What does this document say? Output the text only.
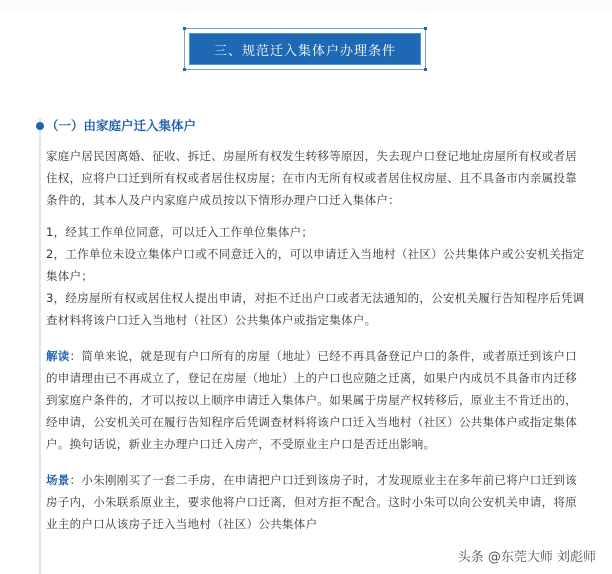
三、规范迁入集体户办理条件
（一）由家庭户迁入集体户

家庭户居民因离婚、征收、拆迁、房屋所有权发生转移等原因，失去现户口登记地址房屋所有权或者居住权，应将户口迁到所有权或者居住权房屋；在市内无所有权或者居住权房屋、且不具备市内亲属投靠条件的，其本人及户内家庭户成员按以下情形办理户口迁入集体户：

1，经其工作单位同意，可以迁入工作单位集体户；

2，工作单位未设立集体户口或不同意迁入的，可以申请迁入当地村（社区）公共集体户或公安机关指定集体户；

3，经房屋所有权或居住权人提出申请，对拒不迁出户口或者无法通知的，公安机关履行告知程序后凭调查材料将该户口迁入当地村（社区）公共集体户或指定集体户。

解读：简单来说，就是现有户口所有的房屋（地址）已经不再具备登记户口的条件，或者原迁到该户口的申请理由已不再成立了，登记在房屋（地址）上的户口也应随之迁离，如果户内成员不具备市内迁移到家庭户条件的，才可以按以上顺序申请迁入集体户。如果属于房屋产权转移后，原业主不肯迁出的，经申请，公安机关可在履行告知程序后凭调查材料将该户口迁入当地村（社区）公共集体户或指定集体户。换句话说，新业主办理户口迁入房产，不受原业主户口是否迁出影响。

场景：小朱刚刚买了一套二手房，在申请把户口迁到该房子时，才发现原业主在多年前已将户口迁到该房子内，小朱联系原业主，要求他将户口迁离，但对方拒不配合。这时小朱可以向公安机关申请，将原业主的户口从该房子迁入当地村（社区）公共集体户

头条 @东莞大师 刘彪师
